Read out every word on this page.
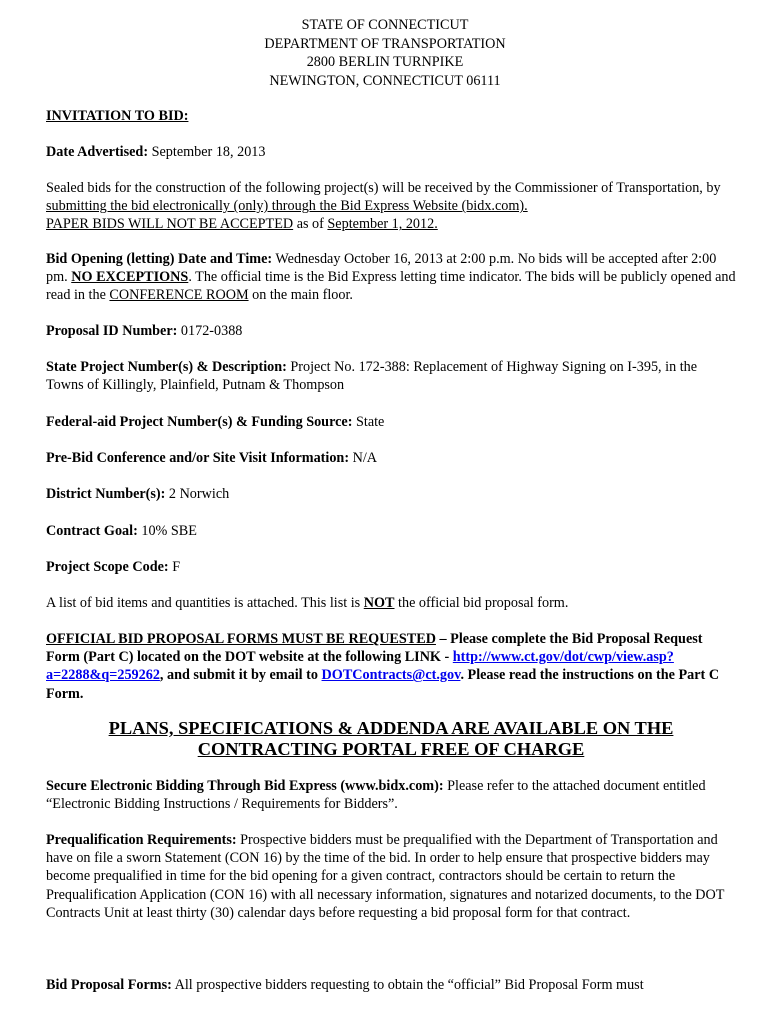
STATE OF CONNECTICUT
DEPARTMENT OF TRANSPORTATION
2800 BERLIN TURNPIKE
NEWINGTON, CONNECTICUT 06111
INVITATION TO BID:
Date Advertised: September 18, 2013
Sealed bids for the construction of the following project(s) will be received by the Commissioner of Transportation, by submitting the bid electronically (only) through the Bid Express Website (bidx.com).
PAPER BIDS WILL NOT BE ACCEPTED as of September 1, 2012.
Bid Opening (letting) Date and Time: Wednesday October 16, 2013 at 2:00 p.m. No bids will be accepted after 2:00 pm. NO EXCEPTIONS. The official time is the Bid Express letting time indicator. The bids will be publicly opened and read in the CONFERENCE ROOM on the main floor.
Proposal ID Number: 0172-0388
State Project Number(s) & Description: Project No. 172-388: Replacement of Highway Signing on I-395, in the Towns of Killingly, Plainfield, Putnam & Thompson
Federal-aid Project Number(s) & Funding Source: State
Pre-Bid Conference and/or Site Visit Information: N/A
District Number(s): 2 Norwich
Contract Goal: 10% SBE
Project Scope Code: F
A list of bid items and quantities is attached. This list is NOT the official bid proposal form.
OFFICIAL BID PROPOSAL FORMS MUST BE REQUESTED – Please complete the Bid Proposal Request Form (Part C) located on the DOT website at the following LINK - http://www.ct.gov/dot/cwp/view.asp?a=2288&q=259262, and submit it by email to DOTContracts@ct.gov. Please read the instructions on the Part C Form.
PLANS, SPECIFICATIONS & ADDENDA ARE AVAILABLE ON THE
CONTRACTING PORTAL FREE OF CHARGE
Secure Electronic Bidding Through Bid Express (www.bidx.com): Please refer to the attached document entitled “Electronic Bidding Instructions / Requirements for Bidders”.
Prequalification Requirements: Prospective bidders must be prequalified with the Department of Transportation and have on file a sworn Statement (CON 16) by the time of the bid. In order to help ensure that prospective bidders may become prequalified in time for the bid opening for a given contract, contractors should be certain to return the Prequalification Application (CON 16) with all necessary information, signatures and notarized documents, to the DOT Contracts Unit at least thirty (30) calendar days before requesting a bid proposal form for that contract.
Bid Proposal Forms: All prospective bidders requesting to obtain the “official” Bid Proposal Form must
